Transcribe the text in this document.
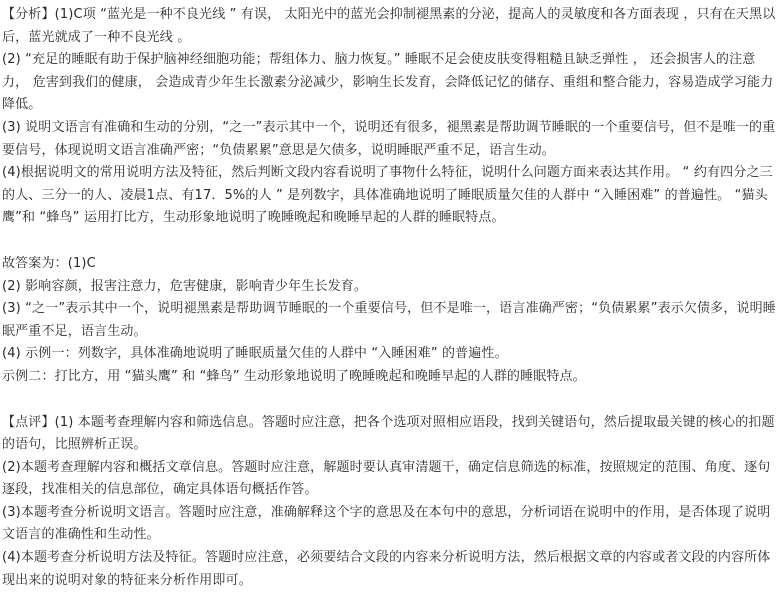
【分析】(1)C项 “蓝光是一种不良光线 ” 有误， 太阳光中的蓝光会抑制褪黑素的分泌，提高人的灵敏度和各方面表现 ，只有在天黑以后，蓝光就成了一种不良光线 。

(2) “充足的睡眠有助于保护脑神经细胞功能；帮组体力、脑力恢复。” 睡眠不足会使皮肤变得粗糙且缺乏弹性 ， 还会损害人的注意力， 危害到我们的健康， 会造成青少年生长激素分泌减少，影响生长发育，会降低记忆的储存、重组和整合能力，容易造成学习能力降低。

(3) 说明文语言有准确和生动的分别，“之一”表示其中一个，说明还有很多，褪黑素是帮助调节睡眠的一个重要信号，但不是唯一的重要信号，体现说明文语言准确严密；“负债累累”意思是欠债多，说明睡眠严重不足，语言生动。

(4)根据说明文的常用说明方法及特征，然后判断文段内容看说明了事物什么特征，说明什么问题方面来表达其作用。 “ 约有四分之三的人、三分一的人、凌晨1点、有17．5%的人 ” 是列数字，具体准确地说明了睡眠质量欠佳的人群中 “入睡困难” 的普遍性。 “猫头鹰”和 “蜂鸟” 运用打比方，生动形象地说明了晚睡晚起和晚睡早起的人群的睡眠特点。

故答案为：(1)C

(2) 影响容颜，报害注意力，危害健康，影响青少年生长发育。

(3) “之一”表示其中一个，说明褪黑素是帮助调节睡眠的一个重要信号，但不是唯一，语言准确严密；“负债累累”表示欠债多，说明睡眠严重不足，语言生动。

(4) 示例一：列数字，具体准确地说明了睡眠质量欠佳的人群中 “入睡困难” 的普遍性。

示例二：打比方，用 “猫头鹰” 和 “蜂鸟” 生动形象地说明了晚睡晚起和晚睡早起的人群的睡眠特点。

【点评】(1) 本题考查理解内容和筛选信息。答题时应注意，把各个选项对照相应语段，找到关键语句，然后提取最关键的核心的扣题的语句，比照辨析正误。

(2)本题考查理解内容和概括文章信息。答题时应注意，解题时要认真审清题干，确定信息筛选的标准，按照规定的范围、角度、逐句逐段，找准相关的信息部位，确定具体语句概括作答。

(3)本题考查分析说明文语言。答题时应注意，准确解释这个字的意思及在本句中的意思，分析词语在说明中的作用，是否体现了说明文语言的准确性和生动性。

(4)本题考查分析说明方法及特征。答题时应注意，必须要结合文段的内容来分析说明方法，然后根据文章的内容或者文段的内容所体现出来的说明对象的特征来分析作用即可。
